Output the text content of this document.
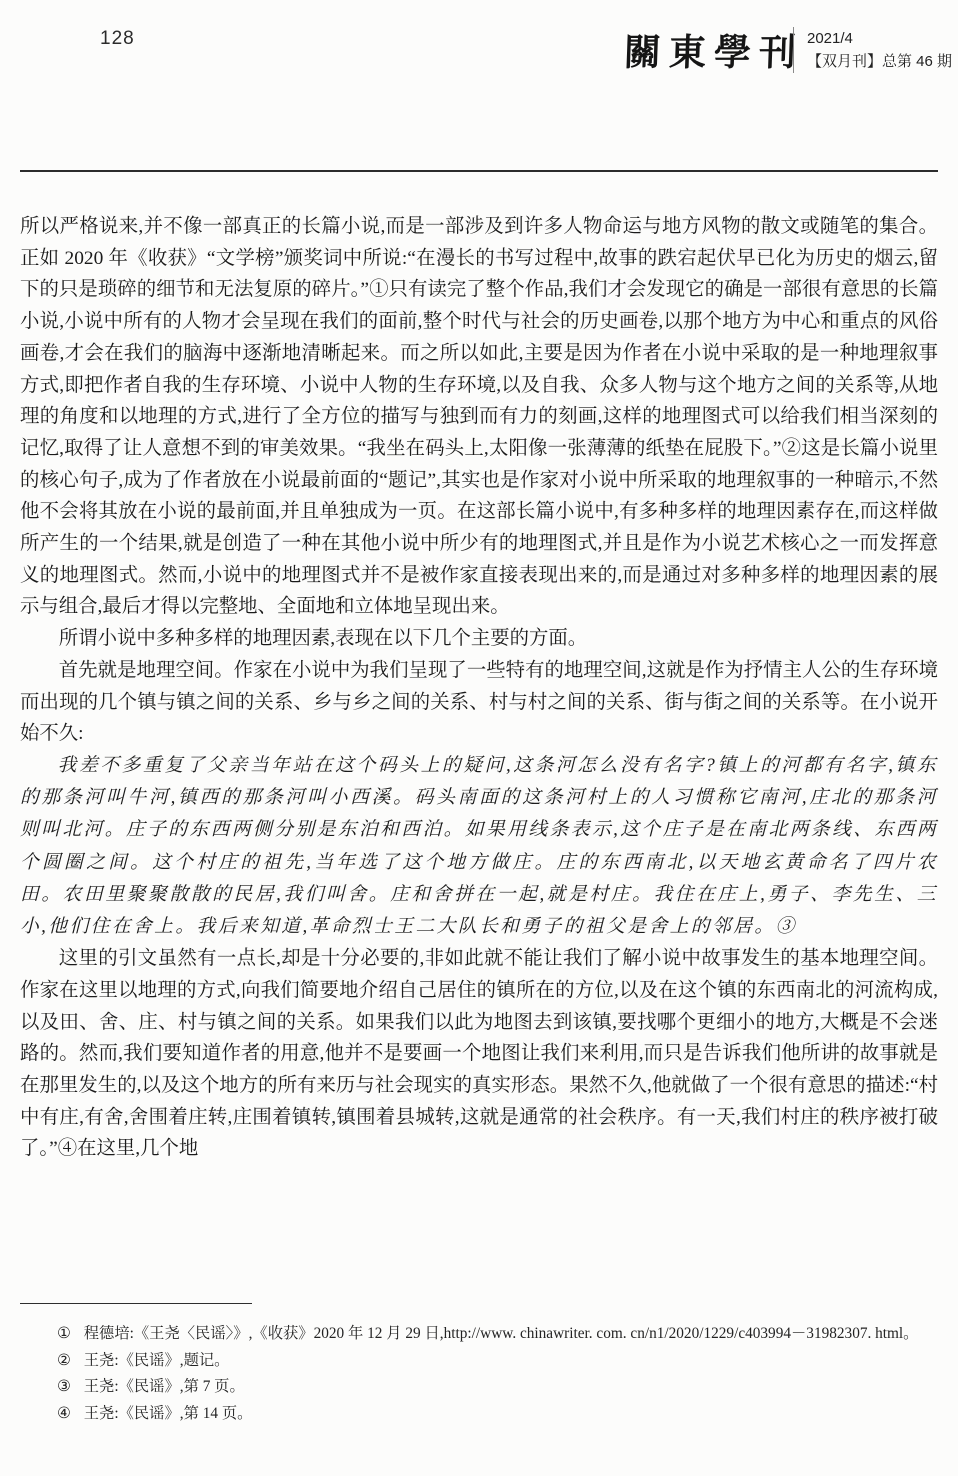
128	關東學刊 2021/4
【双月刊】总第 46 期

所以严格说来,并不像一部真正的长篇小说,而是一部涉及到许多人物命运与地方风物的散文或随笔的集合。正如 2020 年《收获》“文学榜”颁奖词中所说:“在漫长的书写过程中,故事的跌宕起伏早已化为历史的烟云,留下的只是琐碎的细节和无法复原的碎片。”①只有读完了整个作品,我们才会发现它的确是一部很有意思的长篇小说,小说中所有的人物才会呈现在我们的面前,整个时代与社会的历史画卷,以那个地方为中心和重点的风俗画卷,才会在我们的脑海中逐渐地清晰起来。而之所以如此,主要是因为作者在小说中采取的是一种地理叙事方式,即把作者自我的生存环境、小说中人物的生存环境,以及自我、众多人物与这个地方之间的关系等,从地理的角度和以地理的方式,进行了全方位的描写与独到而有力的刻画,这样的地理图式可以给我们相当深刻的记忆,取得了让人意想不到的审美效果。“我坐在码头上,太阳像一张薄薄的纸垫在屁股下。”②这是长篇小说里的核心句子,成为了作者放在小说最前面的“题记”,其实也是作家对小说中所采取的地理叙事的一种暗示,不然他不会将其放在小说的最前面,并且单独成为一页。在这部长篇小说中,有多种多样的地理因素存在,而这样做所产生的一个结果,就是创造了一种在其他小说中所少有的地理图式,并且是作为小说艺术核心之一而发挥意义的地理图式。然而,小说中的地理图式并不是被作家直接表现出来的,而是通过对多种多样的地理因素的展示与组合,最后才得以完整地、全面地和立体地呈现出来。

所谓小说中多种多样的地理因素,表现在以下几个主要的方面。

首先就是地理空间。作家在小说中为我们呈现了一些特有的地理空间,这就是作为抒情主人公的生存环境而出现的几个镇与镇之间的关系、乡与乡之间的关系、村与村之间的关系、街与街之间的关系等。在小说开始不久:

我差不多重复了父亲当年站在这个码头上的疑问,这条河怎么没有名字?镇上的河都有名字,镇东的那条河叫牛河,镇西的那条河叫小西溪。码头南面的这条河村上的人习惯称它南河,庄北的那条河则叫北河。庄子的东西两侧分别是东泊和西泊。如果用线条表示,这个庄子是在南北两条线、东西两个圆圈之间。这个村庄的祖先,当年选了这个地方做庄。庄的东西南北,以天地玄黄命名了四片农田。农田里聚聚散散的民居,我们叫舍。庄和舍拼在一起,就是村庄。我住在庄上,勇子、李先生、三小,他们住在舍上。我后来知道,革命烈士王二大队长和勇子的祖父是舍上的邻居。③

这里的引文虽然有一点长,却是十分必要的,非如此就不能让我们了解小说中故事发生的基本地理空间。作家在这里以地理的方式,向我们简要地介绍自己居住的镇所在的方位,以及在这个镇的东西南北的河流构成,以及田、舍、庄、村与镇之间的关系。如果我们以此为地图去到该镇,要找哪个更细小的地方,大概是不会迷路的。然而,我们要知道作者的用意,他并不是要画一个地图让我们来利用,而只是告诉我们他所讲的故事就是在那里发生的,以及这个地方的所有来历与社会现实的真实形态。果然不久,他就做了一个很有意思的描述:“村中有庄,有舍,舍围着庄转,庄围着镇转,镇围着县城转,这就是通常的社会秩序。有一天,我们村庄的秩序被打破了。”④在这里,几个地

① 程德培:《王尧〈民谣〉》,《收获》2020 年 12 月 29 日,http://www. chinawriter. com. cn/n1/2020/1229/c403994－31982307. html。

② 王尧:《民谣》,题记。

③ 王尧:《民谣》,第 7 页。

④ 王尧:《民谣》,第 14 页。
